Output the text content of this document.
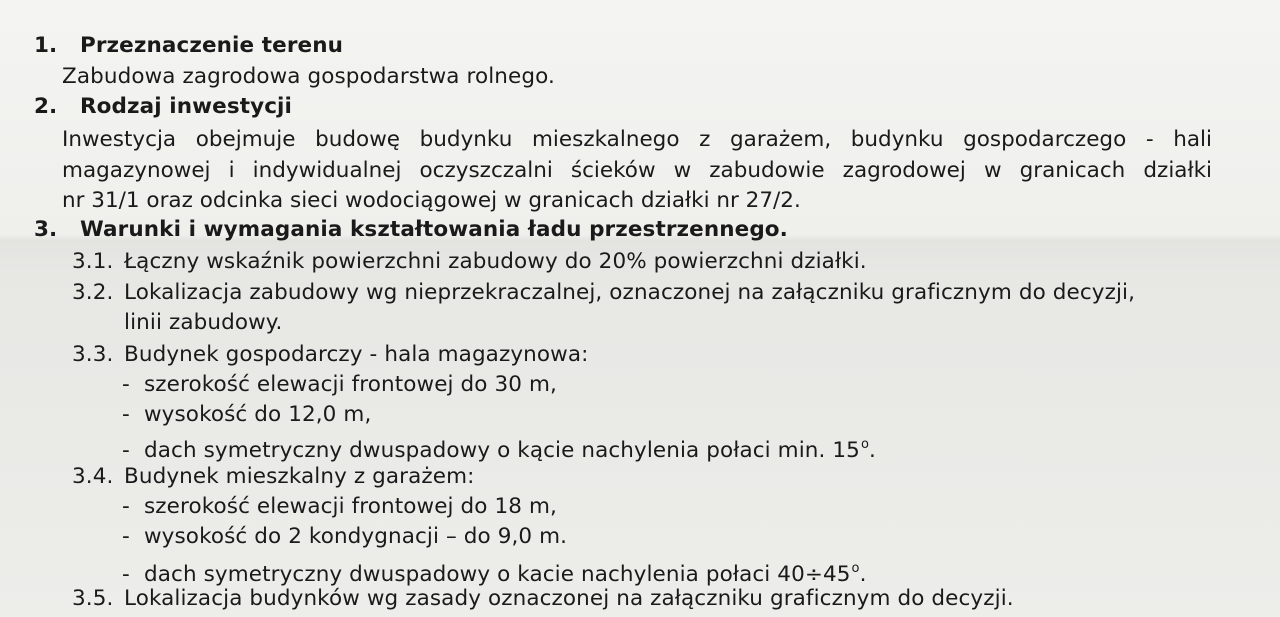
1. Przeznaczenie terenu
Zabudowa zagrodowa gospodarstwa rolnego.
2. Rodzaj inwestycji
Inwestycja obejmuje budowę budynku mieszkalnego z garażem, budynku gospodarczego - hali
magazynowej i indywidualnej oczyszczalni ścieków w zabudowie zagrodowej w granicach działki
nr 31/1 oraz odcinka sieci wodociągowej w granicach działki nr 27/2.
3. Warunki i wymagania kształtowania ładu przestrzennego.
3.1. Łączny wskaźnik powierzchni zabudowy do 20% powierzchni działki.
3.2. Lokalizacja zabudowy wg nieprzekraczalnej, oznaczonej na załączniku graficznym do decyzji,
linii zabudowy.
3.3. Budynek gospodarczy - hala magazynowa:
- szerokość elewacji frontowej do 30 m,
- wysokość do 12,0 m,
- dach symetryczny dwuspadowy o kącie nachylenia połaci min. 15$^o$.
3.4. Budynek mieszkalny z garażem:
- szerokość elewacji frontowej do 18 m,
- wysokość do 2 kondygnacji – do 9,0 m.
- dach symetryczny dwuspadowy o kacie nachylenia połaci $40\div 45^o$.
3.5. Lokalizacja budynków wg zasady oznaczonej na załączniku graficznym do decyzji.
